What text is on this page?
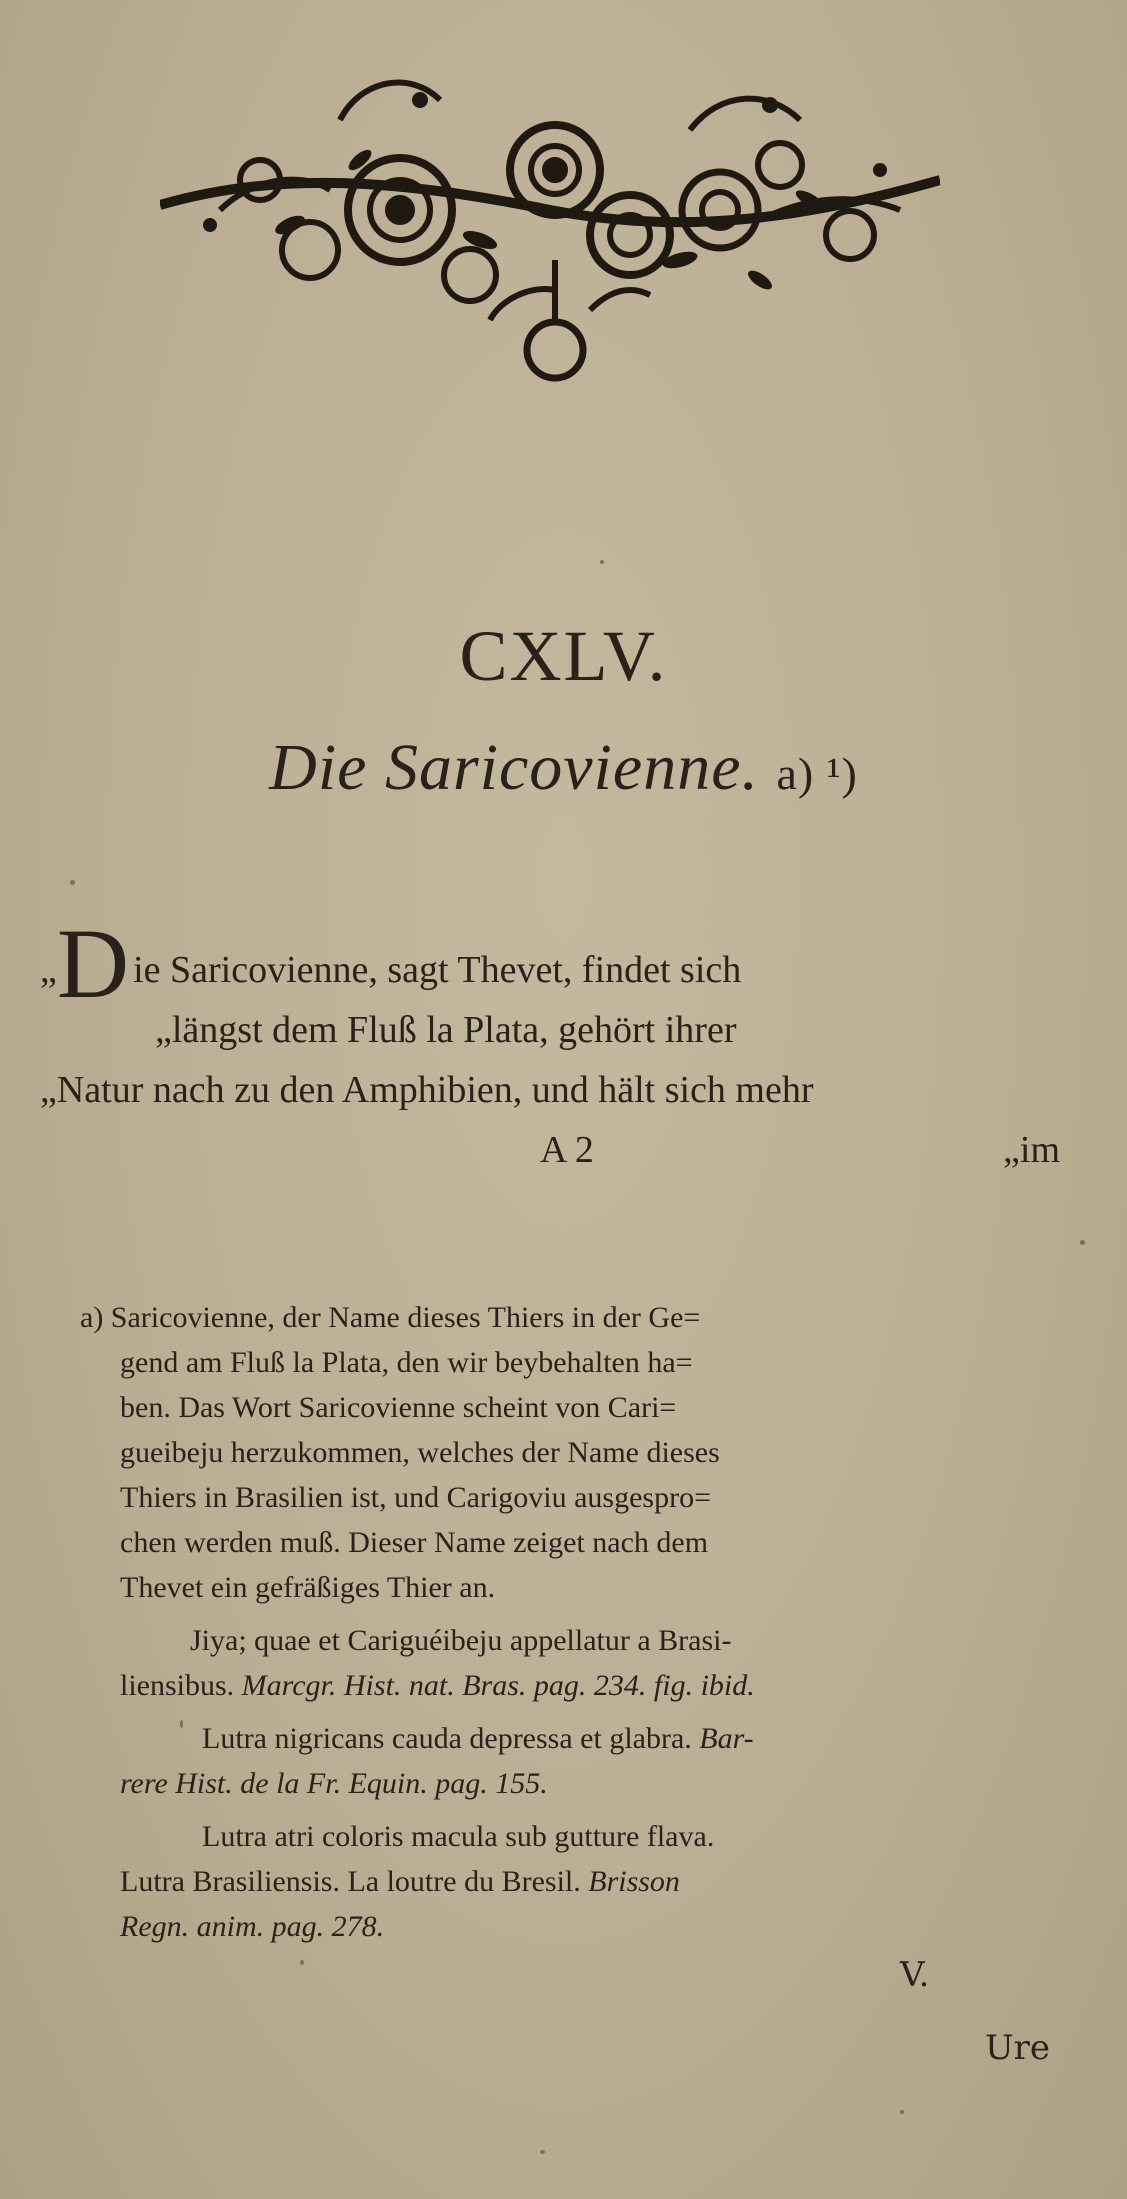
CXLV.
Die Saricovienne. a) ¹)
„D ie Saricovienne, sagt Thevet, findet sich
„längst dem Fluß la Plata, gehört ihrer
„Natur nach zu den Amphibien, und hält sich mehr
A 2	„im
a) Saricovienne, der Name dieses Thiers in der Ge=
gend am Fluß la Plata, den wir beybehalten ha=
ben. Das Wort Saricovienne scheint von Cari=
gueibeju herzukommen, welches der Name dieses
Thiers in Brasilien ist, und Carigoviu ausgespro=
chen werden muß. Dieser Name zeiget nach dem
Thevet ein gefräßiges Thier an.
Jiya; quae et Cariguéibeju appellatur a Brasi-
liensibus. Marcgr. Hist. nat. Bras. pag. 234. fig. ibid.
Lutra nigricans cauda depressa et glabra. Bar-
rere Hist. de la Fr. Equin. pag. 155.
Lutra atri coloris macula sub gutture flava.
Lutra Brasiliensis. La loutre du Bresil. Brisson
Regn. anim. pag. 278.
V.
Ure
